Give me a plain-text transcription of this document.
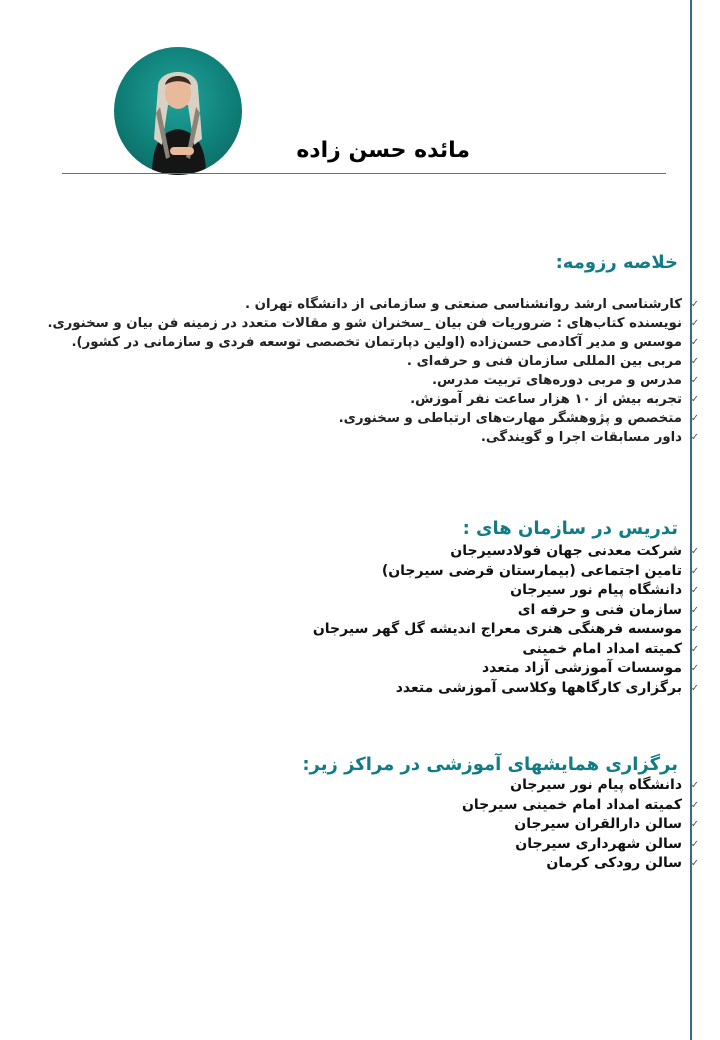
مائده حسن زاده
خلاصه رزومه:
✓
کارشناسی ارشد روانشناسی صنعتی و سازمانی از دانشگاه تهران .
✓
نویسنده کتاب‌های : ضروریات فن بیان _سخنران شو و مقالات متعدد در زمینه فن بیان و سخنوری.
✓
موسس و مدیر آکادمی حسن‌زاده (اولین دپارتمان تخصصی توسعه فردی و سازمانی در کشور).
✓
مربی بین المللی سازمان فنی و حرفه‌ای .
✓
مدرس و مربی دوره‌های تربیت مدرس.
✓
تجربه بیش از ۱۰ هزار ساعت نفر آموزش.
✓
متخصص و پژوهشگر مهارت‌های ارتباطی و سخنوری.
✓
داور مسابقات اجرا و گویندگی.
تدریس در سازمان های :
✓
شرکت معدنی جهان فولادسیرجان
✓
تامین اجتماعی (بیمارستان قرضی سیرجان)
✓
دانشگاه پیام نور سیرجان
✓
سازمان فنی و حرفه ای
✓
موسسه فرهنگی هنری معراج اندیشه گل گهر سیرجان
✓
کمیته امداد امام خمینی
✓
موسسات آموزشی آزاد متعدد
✓
برگزاری کارگاهها وکلاسی آموزشی متعدد
برگزاری همایشهای آموزشی در مراکز زیر:
✓
دانشگاه پیام نور سیرجان
✓
کمیته امداد امام خمینی سیرجان
✓
سالن دارالقران سیرجان
✓
سالن شهرداری سیرجان
✓
سالن رودکی کرمان
